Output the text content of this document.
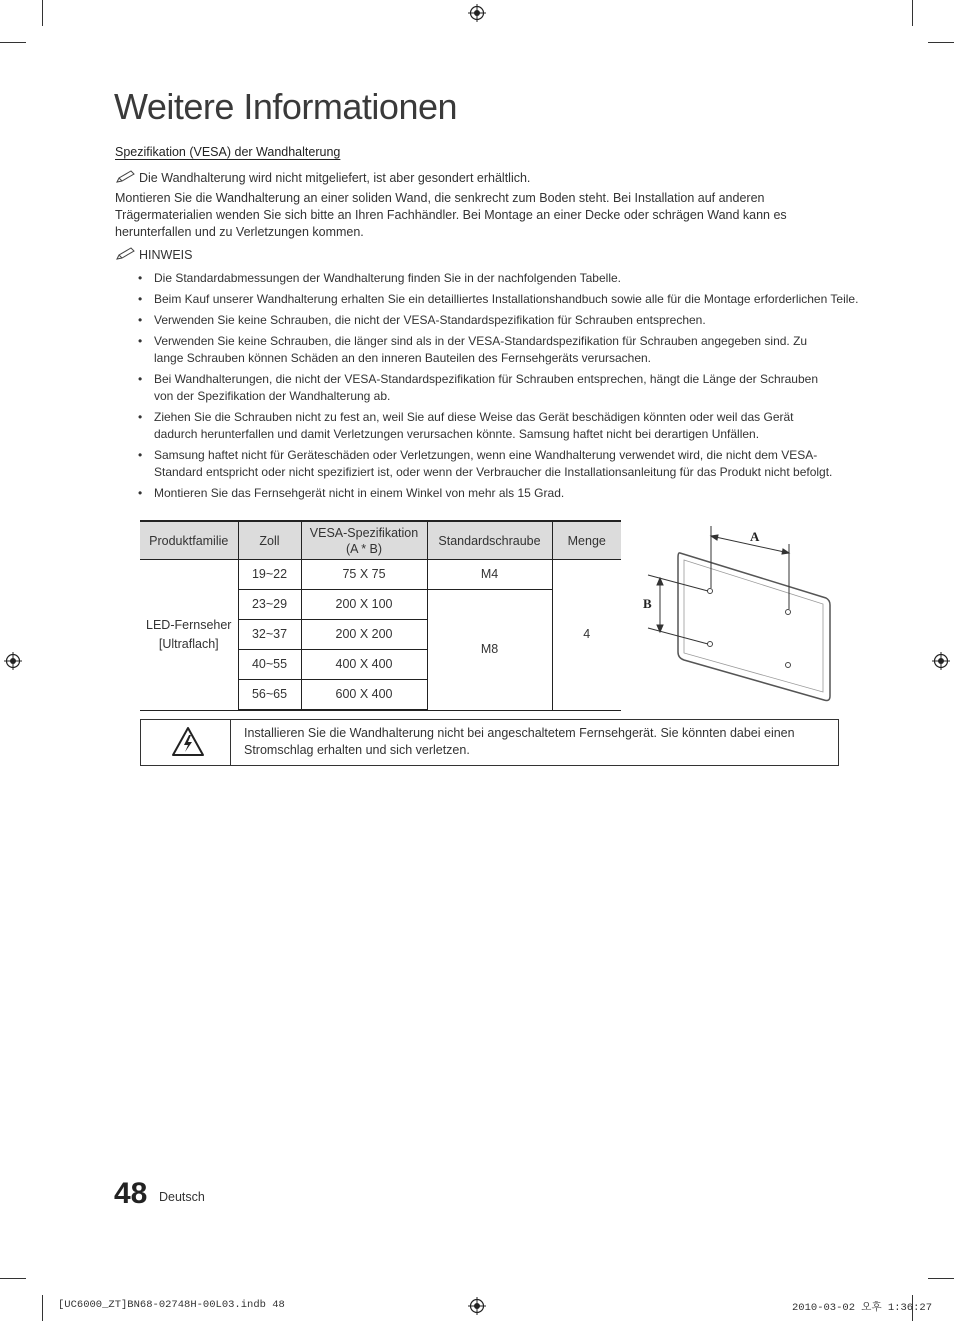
Weitere Informationen
Spezifikation (VESA) der Wandhalterung
Die Wandhalterung wird nicht mitgeliefert, ist aber gesondert erhältlich.
Montieren Sie die Wandhalterung an einer soliden Wand, die senkrecht zum Boden steht. Bei Installation auf anderen Trägermaterialien wenden Sie sich bitte an Ihren Fachhändler. Bei Montage an einer Decke oder schrägen Wand kann es herunterfallen und zu Verletzungen kommen.
HINWEIS
• Die Standardabmessungen der Wandhalterung finden Sie in der nachfolgenden Tabelle.
• Beim Kauf unserer Wandhalterung erhalten Sie ein detailliertes Installationshandbuch sowie alle für die Montage erforderlichen Teile.
• Verwenden Sie keine Schrauben, die nicht der VESA-Standardspezifikation für Schrauben entsprechen.
• Verwenden Sie keine Schrauben, die länger sind als in der VESA-Standardspezifikation für Schrauben angegeben sind. Zu lange Schrauben können Schäden an den inneren Bauteilen des Fernsehgeräts verursachen.
• Bei Wandhalterungen, die nicht der VESA-Standardspezifikation für Schrauben entsprechen, hängt die Länge der Schrauben von der Spezifikation der Wandhalterung ab.
• Ziehen Sie die Schrauben nicht zu fest an, weil Sie auf diese Weise das Gerät beschädigen könnten oder weil das Gerät dadurch herunterfallen und damit Verletzungen verursachen könnte. Samsung haftet nicht bei derartigen Unfällen.
• Samsung haftet nicht für Geräteschäden oder Verletzungen, wenn eine Wandhalterung verwendet wird, die nicht dem VESA-Standard entspricht oder nicht spezifiziert ist, oder wenn der Verbraucher die Installationsanleitung für das Produkt nicht befolgt.
• Montieren Sie das Fernsehgerät nicht in einem Winkel von mehr als 15 Grad.
Produktfamilie	Zoll	VESA-Spezifikation (A * B)	Standardschraube	Menge
LED-Fernseher [Ultraflach]	19~22	75 X 75	M4	4
	23~29	200 X 100	M8	
	32~37	200 X 200		
	40~55	400 X 400		
	56~65	600 X 400		
A
B
Installieren Sie die Wandhalterung nicht bei angeschaltetem Fernsehgerät. Sie könnten dabei einen Stromschlag erhalten und sich verletzen.
48 Deutsch
[UC6000_ZT]BN68-02748H-00L03.indb 48	2010-03-02 오후 1:36:27
